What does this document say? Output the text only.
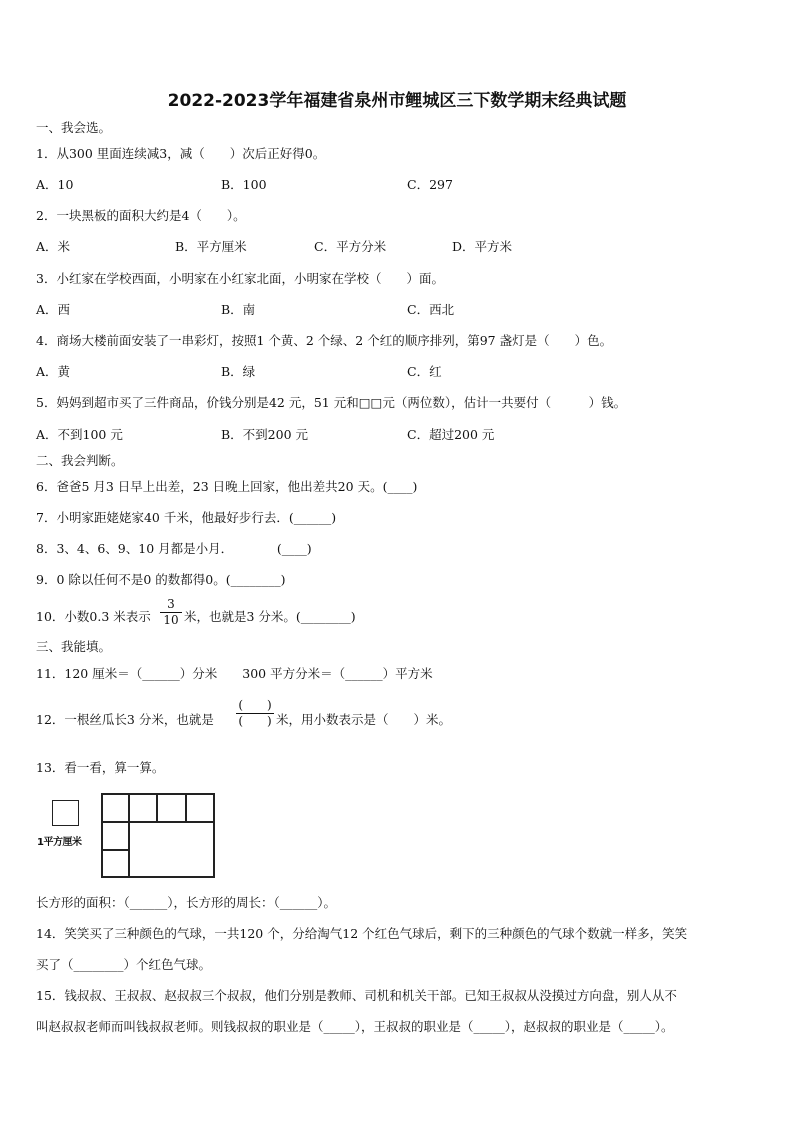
2022-2023学年福建省泉州市鲤城区三下数学期末经典试题
一、我会选。
1．从300 里面连续减3，减（　　）次后正好得0。
A．10	B．100	C．297
2．一块黑板的面积大约是4（　　）。
A．米	B．平方厘米	C．平方分米	D．平方米
3．小红家在学校西面，小明家在小红家北面，小明家在学校（　　）面。
A．西	B．南	C．西北
4．商场大楼前面安装了一串彩灯，按照1 个黄、2 个绿、2 个红的顺序排列，第97 盏灯是（　　）色。
A．黄	B．绿	C．红
5．妈妈到超市买了三件商品，价钱分别是42 元，51 元和□□元（两位数），估计一共要付（　　　）钱。
A．不到100 元	B．不到200 元	C．超过200 元
二、我会判断。
6．爸爸5 月3 日早上出差，23 日晚上回家，他出差共20 天。(____)
7．小明家距姥姥家40 千米，他最好步行去．(______)
8．3、4、6、9、10 月都是小月．　　　　(____)
9．0 除以任何不是0 的数都得0。(________)
10．小数0.3 米表示
3
10 米，也就是3 分米。(________)
三、我能填。
11．120 厘米＝（______）分米　　300 平方分米＝（______）平方米
12．一根丝瓜长3 分米，也就是
(　　)
(　　) 米，用小数表示是（　　）米。
13．看一看，算一算。
1平方厘米
长方形的面积：（______），长方形的周长：（______）。
14．笑笑买了三种颜色的气球，一共120 个，分给淘气12 个红色气球后，剩下的三种颜色的气球个数就一样多，笑笑
买了（________）个红色气球。
15．钱叔叔、王叔叔、赵叔叔三个叔叔，他们分别是教师、司机和机关干部。已知王叔叔从没摸过方向盘，别人从不
叫赵叔叔老师而叫钱叔叔老师。则钱叔叔的职业是（_____），王叔叔的职业是（_____），赵叔叔的职业是（_____）。
